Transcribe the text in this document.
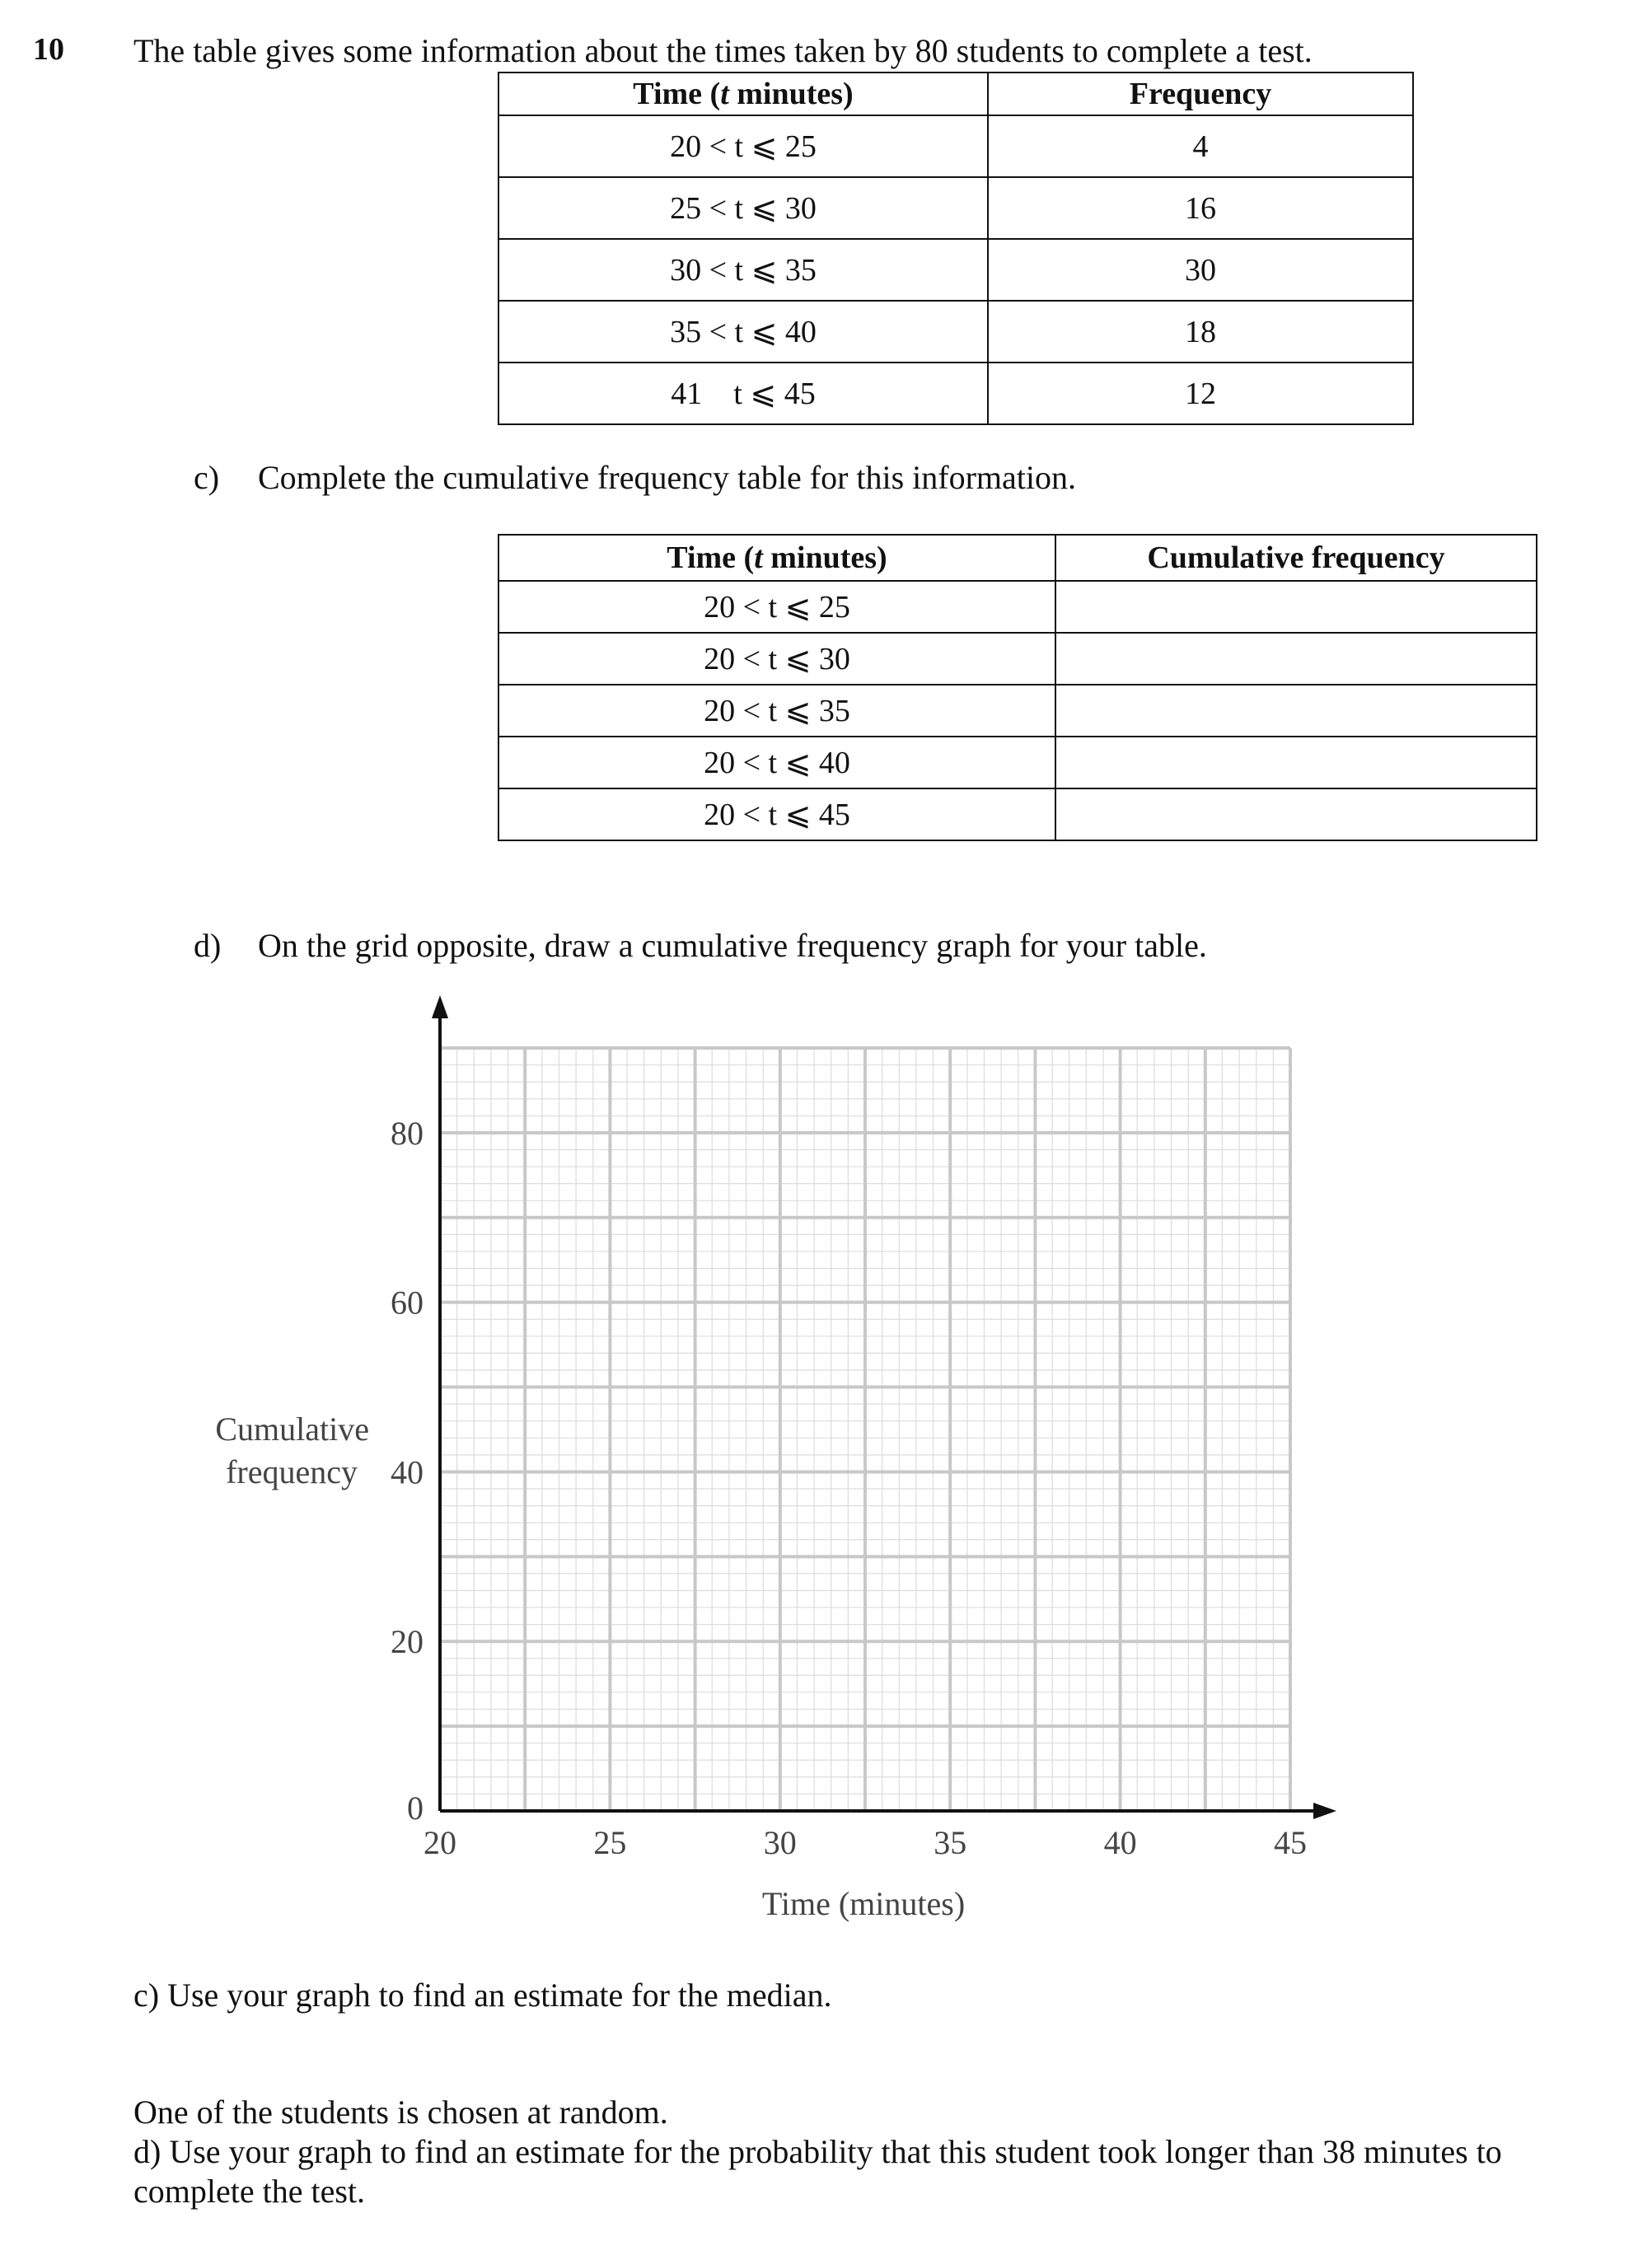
10 The table gives some information about the times taken by 80 students to complete a test.
Time (t minutes)	Frequency
20 < t ⩽ 25	4
25 < t ⩽ 30	16
30 < t ⩽ 35	30
35 < t ⩽ 40	18
41    t ⩽ 45	12
c) Complete the cumulative frequency table for this information.
Time (t minutes)	Cumulative frequency
20 < t ⩽ 25	
20 < t ⩽ 30	
20 < t ⩽ 35	
20 < t ⩽ 40	
20 < t ⩽ 45	
d) On the grid opposite, draw a cumulative frequency graph for your table.
20	25	30	35	40	45
0
20
40
60
80
Cumulative
frequency
Time (minutes)
c) Use your graph to find an estimate for the median.
One of the students is chosen at random.
d) Use your graph to find an estimate for the probability that this student took longer than 38 minutes to complete the test.
